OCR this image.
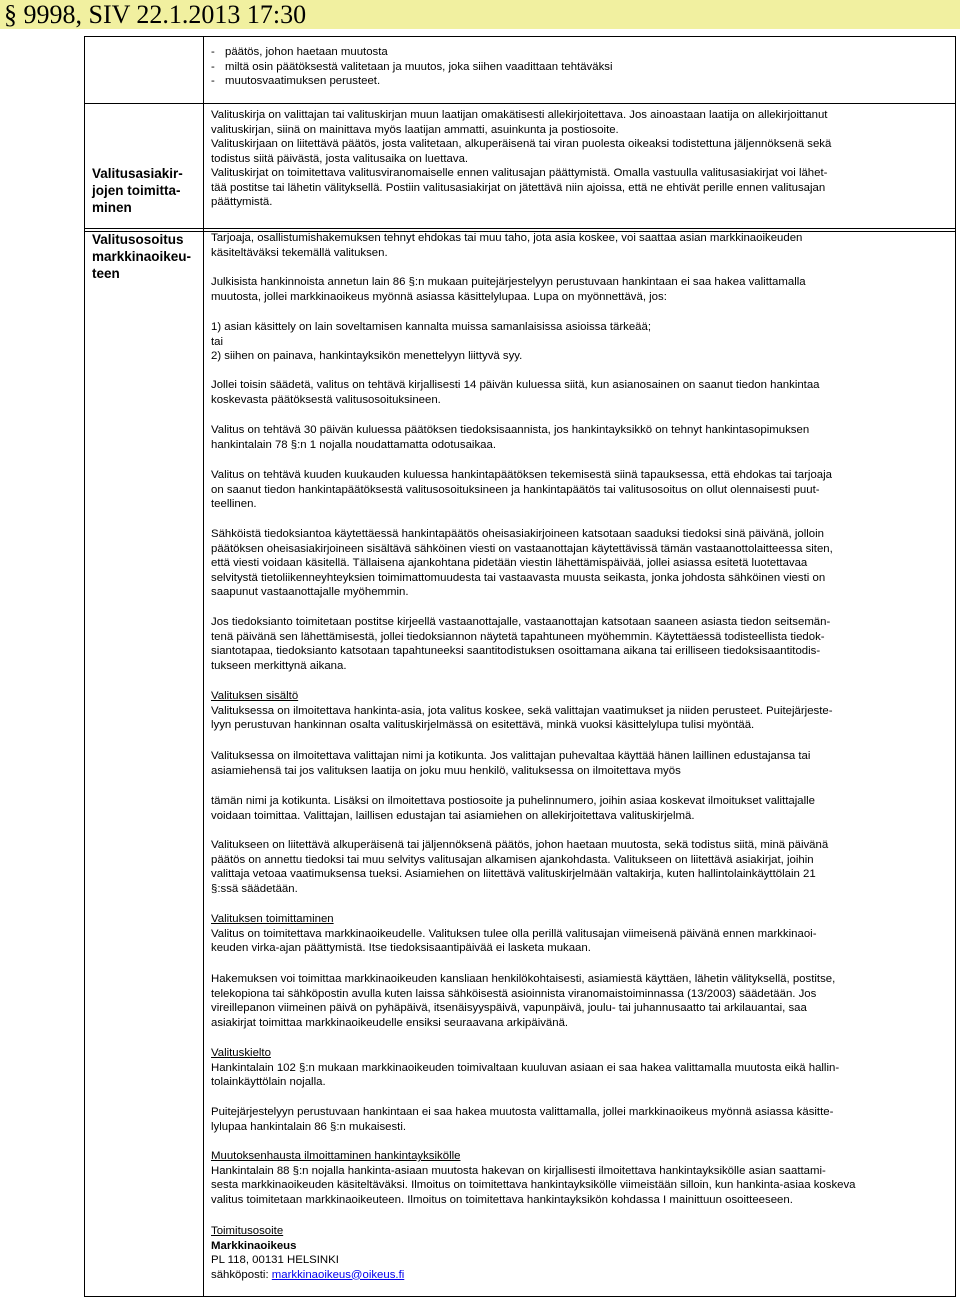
§ 9998, SIV 22.1.2013 17:30
Valitusasiakir-
jojen toimitta-
minen
Valitusosoitus
markkinaoikeu-
teen

- päätös, johon haetaan muutosta

- miltä osin päätöksestä valitetaan ja muutos, joka siihen vaadittaan tehtäväksi

- muutosvaatimuksen perusteet.

Valituskirja on valittajan tai valituskirjan muun laatijan omakätisesti allekirjoitettava. Jos ainoastaan laatija on allekirjoittanut

valituskirjan, siinä on mainittava myös laatijan ammatti, asuinkunta ja postiosoite.

Valituskirjaan on liitettävä päätös, josta valitetaan, alkuperäisenä tai viran puolesta oikeaksi todistettuna jäljennöksenä sekä

todistus siitä päivästä, josta valitusaika on luettava.

Valituskirjat on toimitettava valitusviranomaiselle ennen valitusajan päättymistä. Omalla vastuulla valitusasiakirjat voi lähet-

tää postitse tai lähetin välityksellä. Postiin valitusasiakirjat on jätettävä niin ajoissa, että ne ehtivät perille ennen valitusajan

päättymistä.

Tarjoaja, osallistumishakemuksen tehnyt ehdokas tai muu taho, jota asia koskee, voi saattaa asian markkinaoikeuden

käsiteltäväksi tekemällä valituksen.

Julkisista hankinnoista annetun lain 86 §:n mukaan puitejärjestelyyn perustuvaan hankintaan ei saa hakea valittamalla

muutosta, jollei markkinaoikeus myönnä asiassa käsittelylupaa. Lupa on myönnettävä, jos:

1) asian käsittely on lain soveltamisen kannalta muissa samanlaisissa asioissa tärkeää;

tai

2) siihen on painava, hankintayksikön menettelyyn liittyvä syy.

Jollei toisin säädetä, valitus on tehtävä kirjallisesti 14 päivän kuluessa siitä, kun asianosainen on saanut tiedon hankintaa

koskevasta päätöksestä valitusosoituksineen.

Valitus on tehtävä 30 päivän kuluessa päätöksen tiedoksisaannista, jos hankintayksikkö on tehnyt hankintasopimuksen

hankintalain 78 §:n 1 nojalla noudattamatta odotusaikaa.

Valitus on tehtävä kuuden kuukauden kuluessa hankintapäätöksen tekemisestä siinä tapauksessa, että ehdokas tai tarjoaja

on saanut tiedon hankintapäätöksestä valitusosoituksineen ja hankintapäätös tai valitusosoitus on ollut olennaisesti puut-

teellinen.

Sähköistä tiedoksiantoa käytettäessä hankintapäätös oheisasiakirjoineen katsotaan saaduksi tiedoksi sinä päivänä, jolloin

päätöksen oheisasiakirjoineen sisältävä sähköinen viesti on vastaanottajan käytettävissä tämän vastaanottolaitteessa siten,

että viesti voidaan käsitellä. Tällaisena ajankohtana pidetään viestin lähettämispäivää, jollei asiassa esitetä luotettavaa

selvitystä tietoliikenneyhteyksien toimimattomuudesta tai vastaavasta muusta seikasta, jonka johdosta sähköinen viesti on

saapunut vastaanottajalle myöhemmin.

Jos tiedoksianto toimitetaan postitse kirjeellä vastaanottajalle, vastaanottajan katsotaan saaneen asiasta tiedon seitsemän-

tenä päivänä sen lähettämisestä, jollei tiedoksiannon näytetä tapahtuneen myöhemmin. Käytettäessä todisteellista tiedok-

siantotapaa, tiedoksianto katsotaan tapahtuneeksi saantitodistuksen osoittamana aikana tai erilliseen tiedoksisaantitodis-

tukseen merkittynä aikana.

Valituksen sisältö

Valituksessa on ilmoitettava hankinta-asia, jota valitus koskee, sekä valittajan vaatimukset ja niiden perusteet. Puitejärjeste-

lyyn perustuvan hankinnan osalta valituskirjelmässä on esitettävä, minkä vuoksi käsittelylupa tulisi myöntää.

Valituksessa on ilmoitettava valittajan nimi ja kotikunta. Jos valittajan puhevaltaa käyttää hänen laillinen edustajansa tai

asiamiehensä tai jos valituksen laatija on joku muu henkilö, valituksessa on ilmoitettava myös

tämän nimi ja kotikunta. Lisäksi on ilmoitettava postiosoite ja puhelinnumero, joihin asiaa koskevat ilmoitukset valittajalle

voidaan toimittaa. Valittajan, laillisen edustajan tai asiamiehen on allekirjoitettava valituskirjelmä.

Valitukseen on liitettävä alkuperäisenä tai jäljennöksenä päätös, johon haetaan muutosta, sekä todistus siitä, minä päivänä

päätös on annettu tiedoksi tai muu selvitys valitusajan alkamisen ajankohdasta. Valitukseen on liitettävä asiakirjat, joihin

valittaja vetoaa vaatimuksensa tueksi. Asiamiehen on liitettävä valituskirjelmään valtakirja, kuten hallintolainkäyttölain 21

§:ssä säädetään.

Valituksen toimittaminen

Valitus on toimitettava markkinaoikeudelle. Valituksen tulee olla perillä valitusajan viimeisenä päivänä ennen markkinaoi-

keuden virka-ajan päättymistä. Itse tiedoksisaantipäivää ei lasketa mukaan.

Hakemuksen voi toimittaa markkinaoikeuden kansliaan henkilökohtaisesti, asiamiestä käyttäen, lähetin välityksellä, postitse,

telekopiona tai sähköpostin avulla kuten laissa sähköisestä asioinnista viranomaistoiminnassa (13/2003) säädetään. Jos

vireillepanon viimeinen päivä on pyhäpäivä, itsenäisyyspäivä, vapunpäivä, joulu- tai juhannusaatto tai arkilauantai, saa

asiakirjat toimittaa markkinaoikeudelle ensiksi seuraavana arkipäivänä.

Valituskielto

Hankintalain 102 §:n mukaan markkinaoikeuden toimivaltaan kuuluvan asiaan ei saa hakea valittamalla muutosta eikä hallin-

tolainkäyttölain nojalla.

Puitejärjestelyyn perustuvaan hankintaan ei saa hakea muutosta valittamalla, jollei markkinaoikeus myönnä asiassa käsitte-

lylupaa hankintalain 86 §:n mukaisesti.

Muutoksenhausta ilmoittaminen hankintayksikölle

Hankintalain 88 §:n nojalla hankinta-asiaan muutosta hakevan on kirjallisesti ilmoitettava hankintayksikölle asian saattami-

sesta markkinaoikeuden käsiteltäväksi. Ilmoitus on toimitettava hankintayksikölle viimeistään silloin, kun hankinta-asiaa koskeva

valitus toimitetaan markkinaoikeuteen. Ilmoitus on toimitettava hankintayksikön kohdassa I mainittuun osoitteeseen.

Toimitusosoite

Markkinaoikeus

PL 118, 00131 HELSINKI

sähköposti: markkinaoikeus@oikeus.fi
